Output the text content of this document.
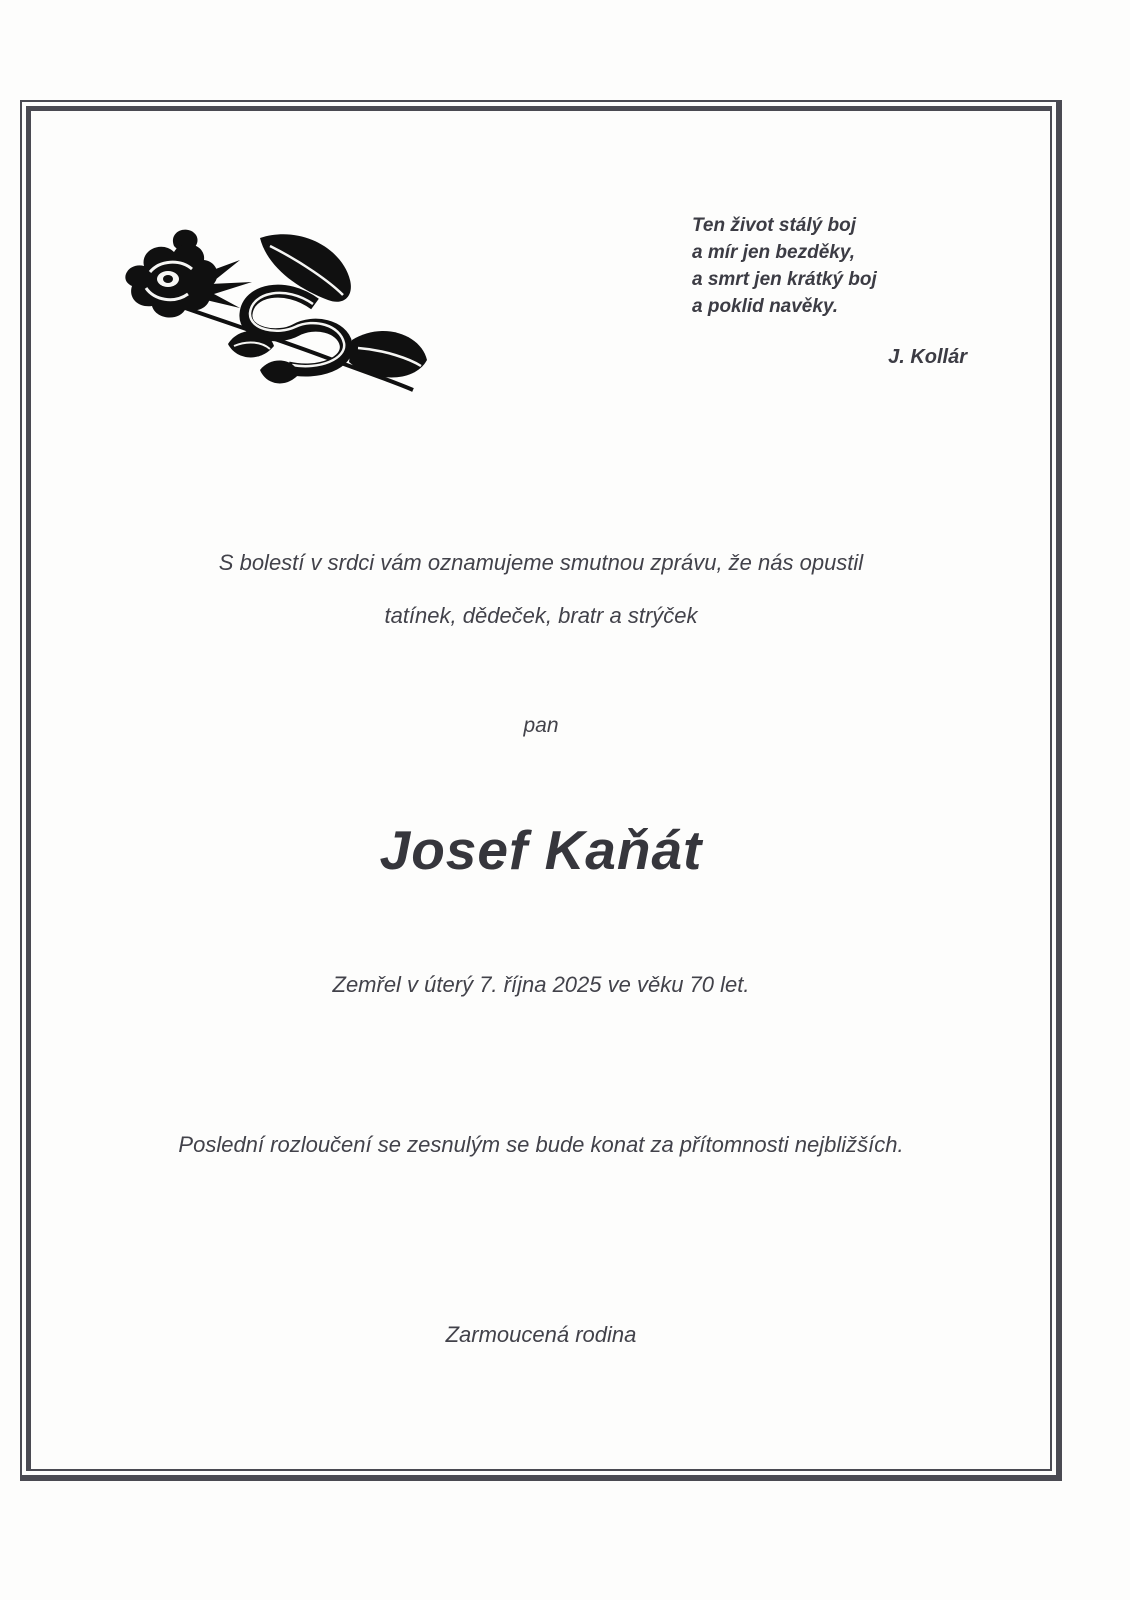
Ten život stálý boj
a mír jen bezděky,
a smrt jen krátký boj
a poklid navěky.
J. Kollár
S bolestí v srdci vám oznamujeme smutnou zprávu, že nás opustil
tatínek, dědeček, bratr a strýček
pan
Josef Kaňát
Zemřel v úterý 7. října 2025 ve věku 70 let.
Poslední rozloučení se zesnulým se bude konat za přítomnosti nejbližších.
Zarmoucená rodina
